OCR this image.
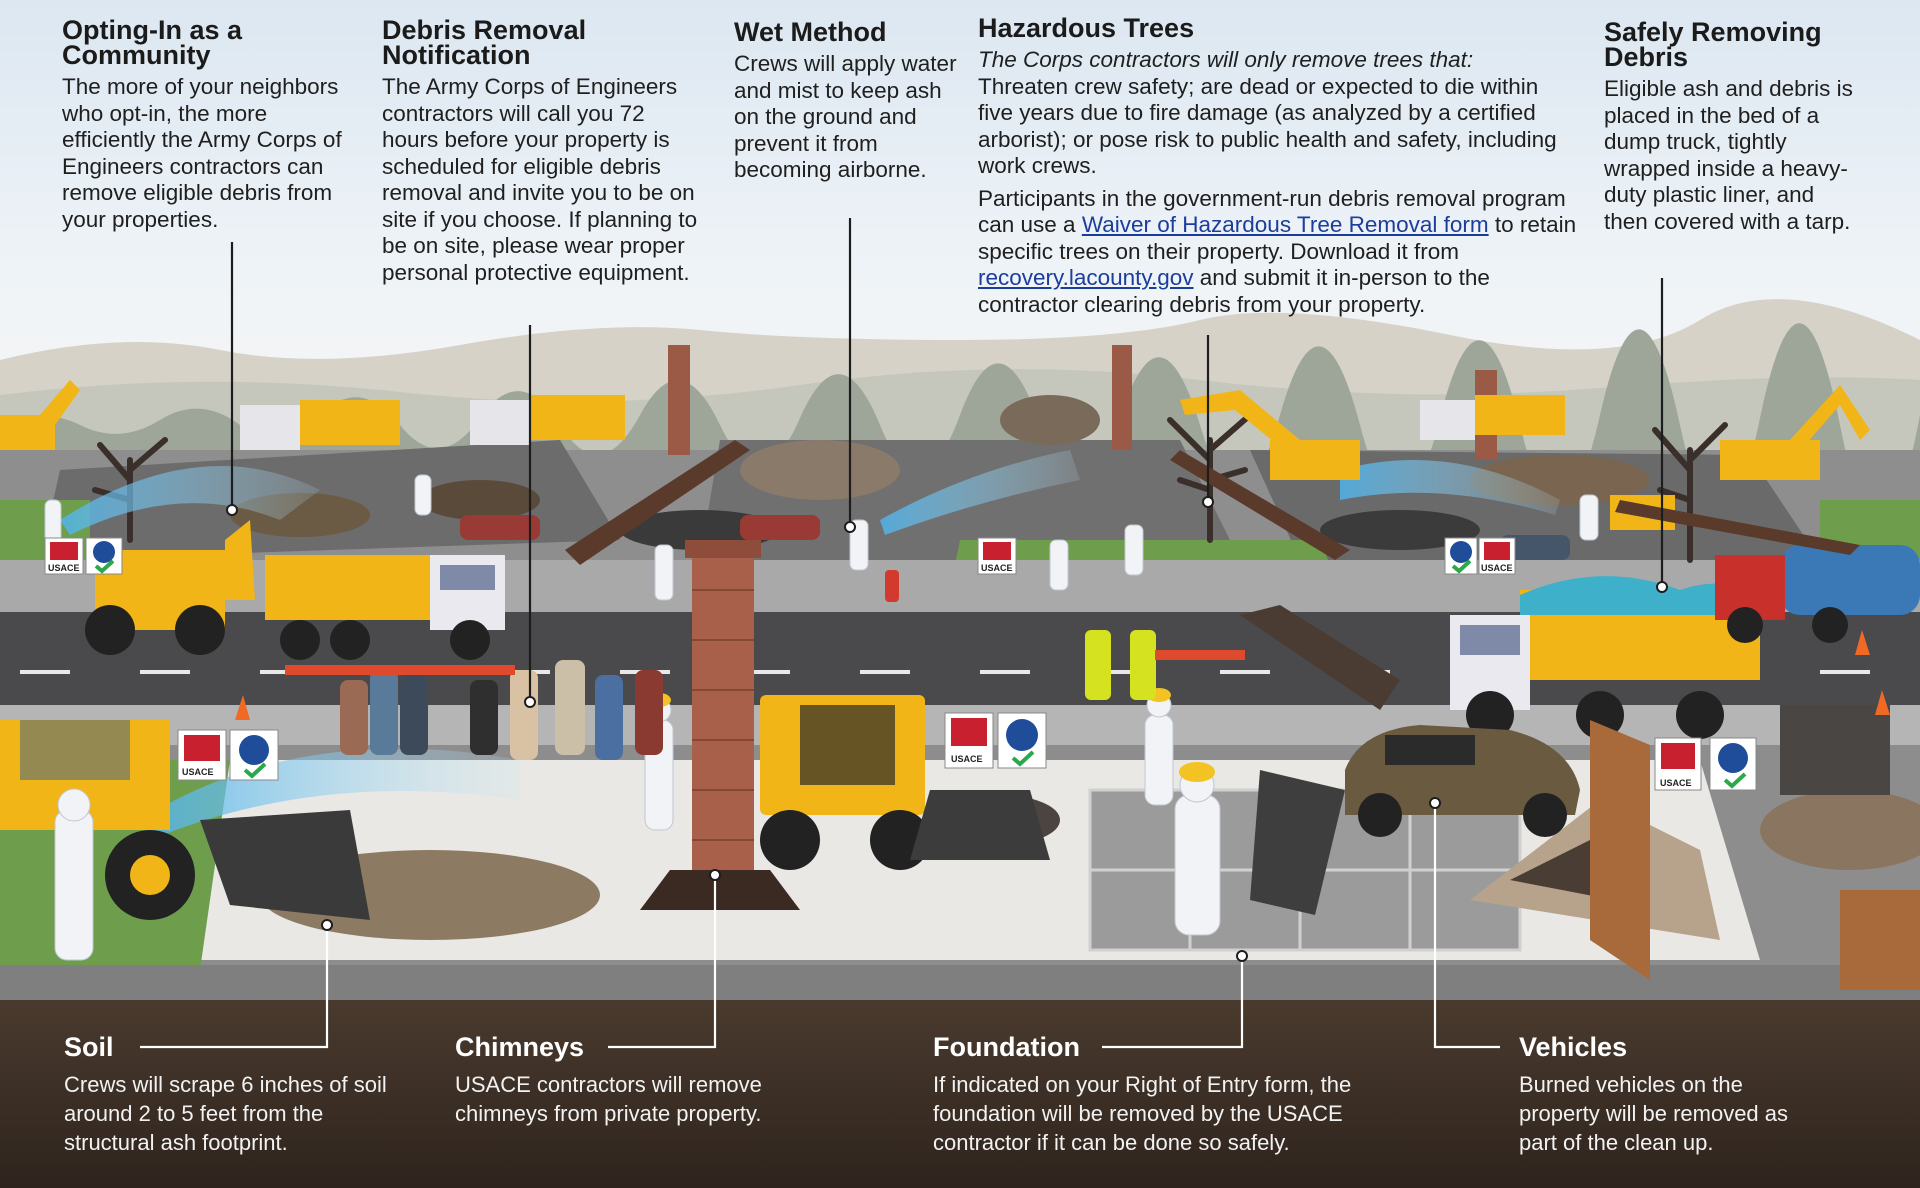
USACE	USACE	USACE
USACE
USACE
USACE
Opting-In as a
Community

The more of your neighbors who opt-in, the more efficiently the Army Corps of Engineers contractors can remove eligible debris from your properties.

Debris Removal
Notification

The Army Corps of Engineers contractors will call you 72 hours before your property is scheduled for eligible debris removal and invite you to be on site if you choose. If planning to be on site, please wear proper personal protective equipment.

Wet Method

Crews will apply water and mist to keep ash on the ground and prevent it from becoming airborne.

Hazardous Trees

The Corps contractors will only remove trees that:

Threaten crew safety; are dead or expected to die within five years due to fire damage (as analyzed by a certified arborist); or pose risk to public health and safety, including work crews.

Participants in the government-run debris removal program can use a Waiver of Hazardous Tree Removal form to retain specific trees on their property. Download it from recovery.lacounty.gov and submit it in-person to the contractor clearing debris from your property.

Safely Removing
Debris

Eligible ash and debris is placed in the bed of a dump truck, tightly wrapped inside a heavy-duty plastic liner, and then covered with a tarp.

Soil

Crews will scrape 6 inches of soil around 2 to 5 feet from the structural ash footprint.

Chimneys

USACE contractors will remove chimneys from private property.

Foundation

If indicated on your Right of Entry form, the foundation will be removed by the USACE contractor if it can be done so safely.

Vehicles

Burned vehicles on the property will be removed as part of the clean up.
